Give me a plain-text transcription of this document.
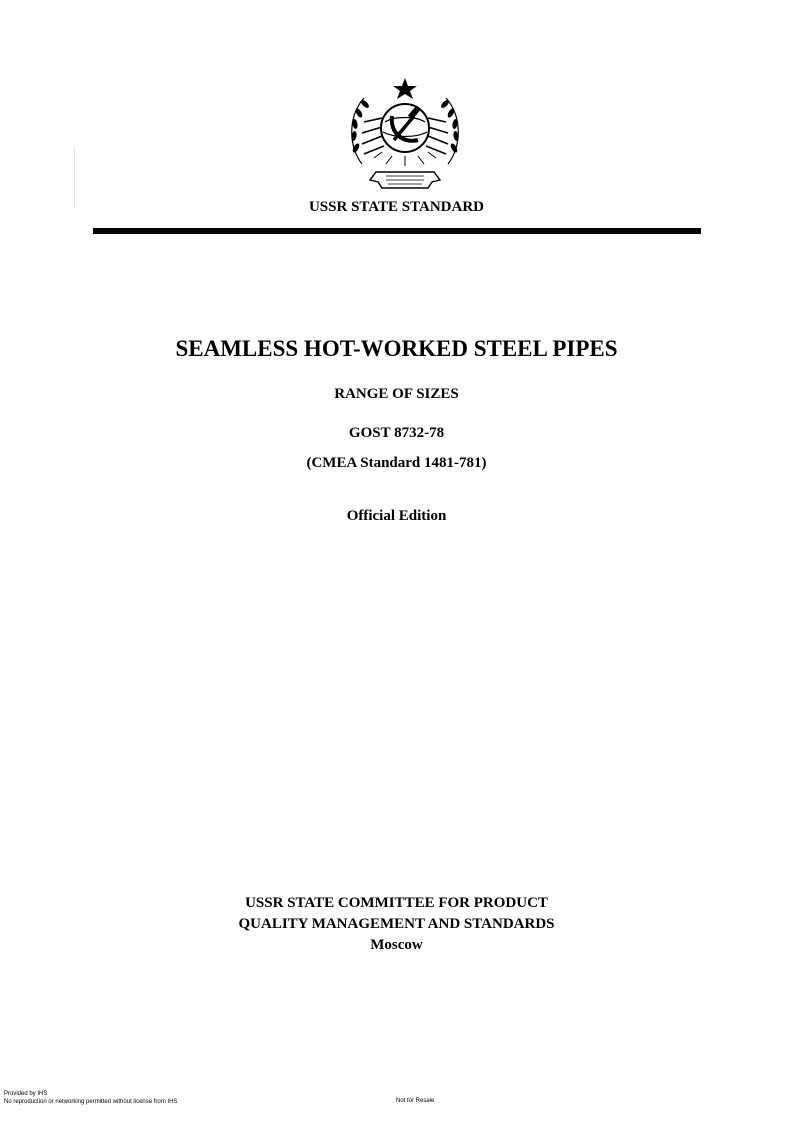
USSR STATE STANDARD
SEAMLESS HOT-WORKED STEEL PIPES
RANGE OF SIZES
GOST 8732-78
(CMEA Standard 1481-781)
Official Edition
USSR STATE COMMITTEE FOR PRODUCT
QUALITY MANAGEMENT AND STANDARDS
Moscow
Provided by IHS
No reproduction or networking permitted without license from IHS	Not for Resale
